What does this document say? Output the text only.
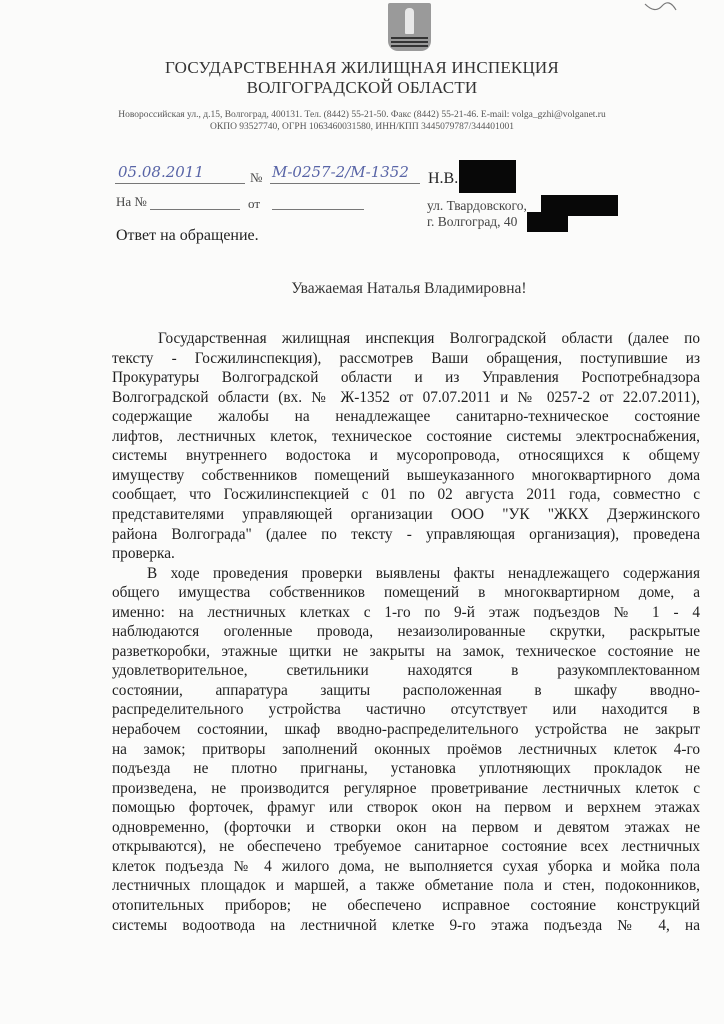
ГОСУДАРСТВЕННАЯ ЖИЛИЩНАЯ ИНСПЕКЦИЯ
ВОЛГОГРАДСКОЙ ОБЛАСТИ
Новороссийская ул., д.15, Волгоград, 400131. Тел. (8442) 55-21-50. Факс (8442) 55-21-46. E-mail: volga_gzhi@volganet.ru
ОКПО 93527740, ОГРН 1063460031580, ИНН/КПП 3445079787/344401001
05.08.2011	№ М-0257-2/М-1352
На №	от
Н.В.
ул. Твардовского,
г. Волгоград, 40
Ответ на обращение.
Уважаемая Наталья Владимировна!
Государственная жилищная инспекция Волгоградской области (далее по
тексту - Госжилинспекция), рассмотрев Ваши обращения, поступившие из
Прокуратуры Волгоградской области и из Управления Роспотребнадзора
Волгоградской области (вх. № Ж-1352 от 07.07.2011 и № 0257-2 от 22.07.2011),
содержащие жалобы на ненадлежащее санитарно-техническое состояние
лифтов, лестничных клеток, техническое состояние системы электроснабжения,
системы внутреннего водостока и мусоропровода, относящихся к общему
имуществу собственников помещений вышеуказанного многоквартирного дома
сообщает, что Госжилинспекцией с 01 по 02 августа 2011 года, совместно с
представителями управляющей организации ООО "УК "ЖКХ Дзержинского
района Волгограда" (далее по тексту - управляющая организация), проведена
проверка.
В ходе проведения проверки выявлены факты ненадлежащего содержания
общего имущества собственников помещений в многоквартирном доме, а
именно: на лестничных клетках с 1-го по 9-й этаж подъездов № 1 - 4
наблюдаются оголенные провода, незаизолированные скрутки, раскрытые
разветкоробки, этажные щитки не закрыты на замок, техническое состояние не
удовлетворительное, светильники находятся в разукомплектованном
состоянии, аппаратура защиты расположенная в шкафу вводно-
распределительного устройства частично отсутствует или находится в
нерабочем состоянии, шкаф вводно-распределительного устройства не закрыт
на замок; притворы заполнений оконных проёмов лестничных клеток 4-го
подъезда не плотно пригнаны, установка уплотняющих прокладок не
произведена, не производится регулярное проветривание лестничных клеток с
помощью форточек, фрамуг или створок окон на первом и верхнем этажах
одновременно, (форточки и створки окон на первом и девятом этажах не
открываются), не обеспечено требуемое санитарное состояние всех лестничных
клеток подъезда № 4 жилого дома, не выполняется сухая уборка и мойка пола
лестничных площадок и маршей, а также обметание пола и стен, подоконников,
отопительных приборов; не обеспечено исправное состояние конструкций
системы водоотвода на лестничной клетке 9-го этажа подъезда № 4, на
